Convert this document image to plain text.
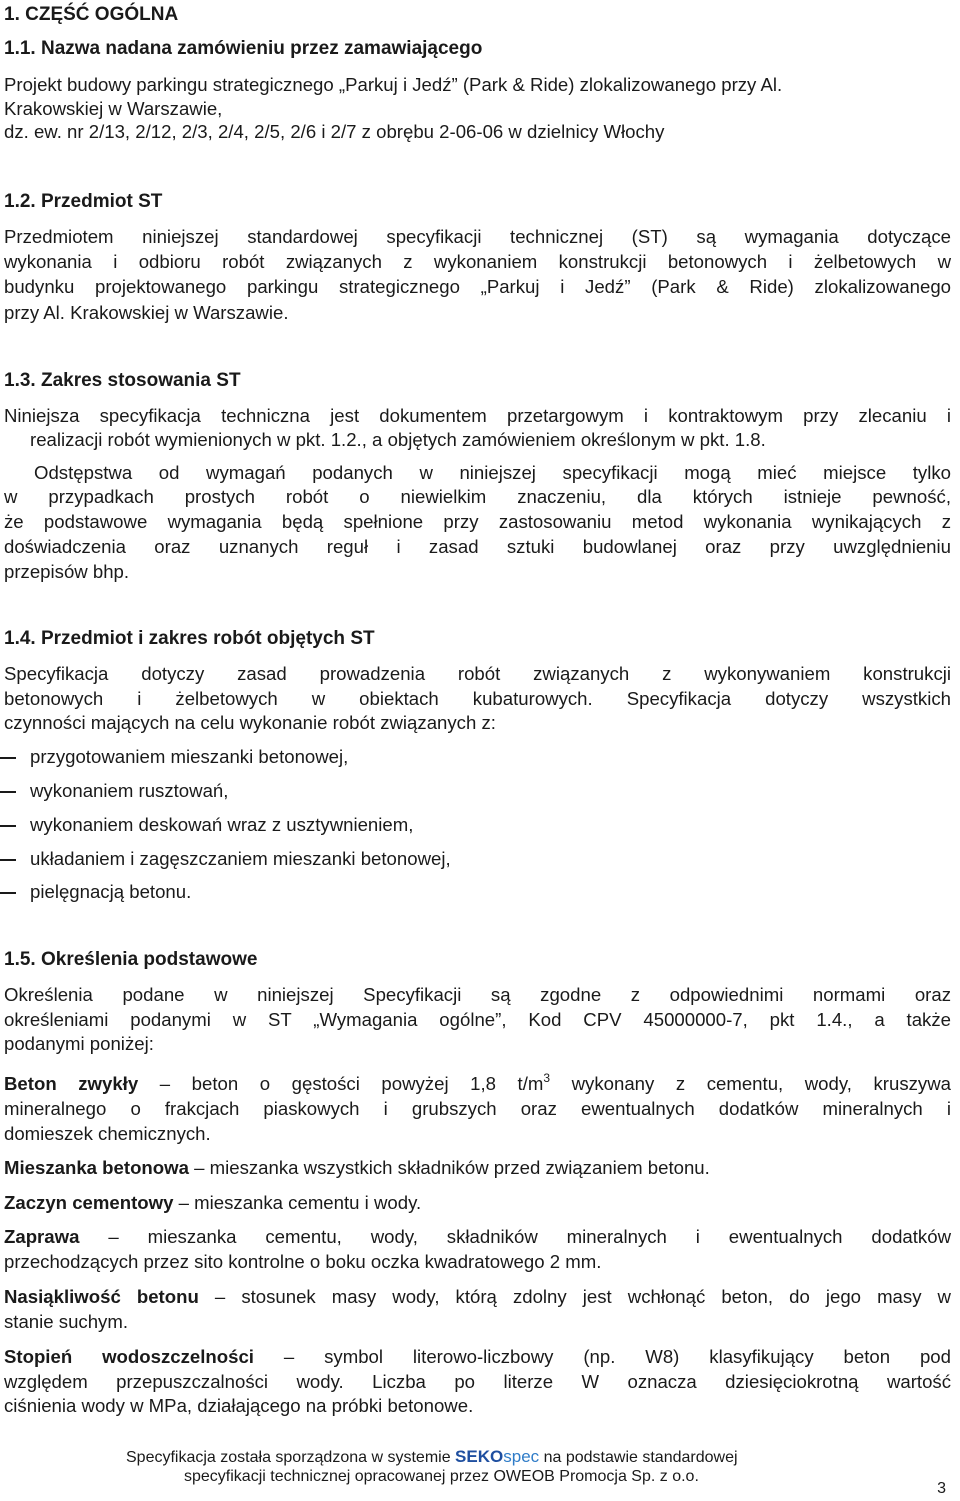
1. CZĘŚĆ OGÓLNA
1.1. Nazwa nadana zamówieniu przez zamawiającego
Projekt budowy parkingu strategicznego „Parkuj i Jedź” (Park & Ride) zlokalizowanego przy Al.
Krakowskiej w Warszawie,
dz. ew. nr 2/13, 2/12, 2/3, 2/4, 2/5, 2/6 i 2/7 z obrębu 2-06-06 w dzielnicy Włochy
1.2. Przedmiot ST
Przedmiotem niniejszej standardowej specyfikacji technicznej (ST) są wymagania dotyczące
wykonania i odbioru robót związanych z wykonaniem konstrukcji betonowych i żelbetowych w
budynku projektowanego parkingu strategicznego „Parkuj i Jedź” (Park & Ride) zlokalizowanego
przy Al. Krakowskiej w Warszawie.
1.3. Zakres stosowania ST
Niniejsza specyfikacja techniczna jest dokumentem przetargowym i kontraktowym przy zlecaniu i
realizacji robót wymienionych w pkt. 1.2., a objętych zamówieniem określonym w pkt. 1.8.
Odstępstwa od wymagań podanych w niniejszej specyfikacji mogą mieć miejsce tylko
w przypadkach prostych robót o niewielkim znaczeniu, dla których istnieje pewność,
że podstawowe wymagania będą spełnione przy zastosowaniu metod wykonania wynikających z
doświadczenia oraz uznanych reguł i zasad sztuki budowlanej oraz przy uwzględnieniu
przepisów bhp.
1.4. Przedmiot i zakres robót objętych ST
Specyfikacja dotyczy zasad prowadzenia robót związanych z wykonywaniem konstrukcji
betonowych i żelbetowych w obiektach kubaturowych. Specyfikacja dotyczy wszystkich
czynności mających na celu wykonanie robót związanych z:
przygotowaniem mieszanki betonowej,
wykonaniem rusztowań,
wykonaniem deskowań wraz z usztywnieniem,
układaniem i zagęszczaniem mieszanki betonowej,
pielęgnacją betonu.
1.5. Określenia podstawowe
Określenia podane w niniejszej Specyfikacji są zgodne z odpowiednimi normami oraz
określeniami podanymi w ST „Wymagania ogólne”, Kod CPV 45000000-7, pkt 1.4., a także
podanymi poniżej:
Beton zwykły – beton o gęstości powyżej 1,8 $t/m^3$ wykonany z cementu, wody, kruszywa
mineralnego o frakcjach piaskowych i grubszych oraz ewentualnych dodatków mineralnych i
domieszek chemicznych.
Mieszanka betonowa – mieszanka wszystkich składników przed związaniem betonu.
Zaczyn cementowy – mieszanka cementu i wody.
Zaprawa – mieszanka cementu, wody, składników mineralnych i ewentualnych dodatków
przechodzących przez sito kontrolne o boku oczka kwadratowego 2 mm.
Nasiąkliwość betonu – stosunek masy wody, którą zdolny jest wchłonąć beton, do jego masy w
stanie suchym.
Stopień wodoszczelności – symbol literowo-liczbowy (np. W8) klasyfikujący beton pod
względem przepuszczalności wody. Liczba po literze W oznacza dziesięciokrotną wartość
ciśnienia wody w MPa, działającego na próbki betonowe.
Specyfikacja została sporządzona w systemie SEKOspec na podstawie standardowej
specyfikacji technicznej opracowanej przez OWEOB Promocja Sp. z o.o.
3
